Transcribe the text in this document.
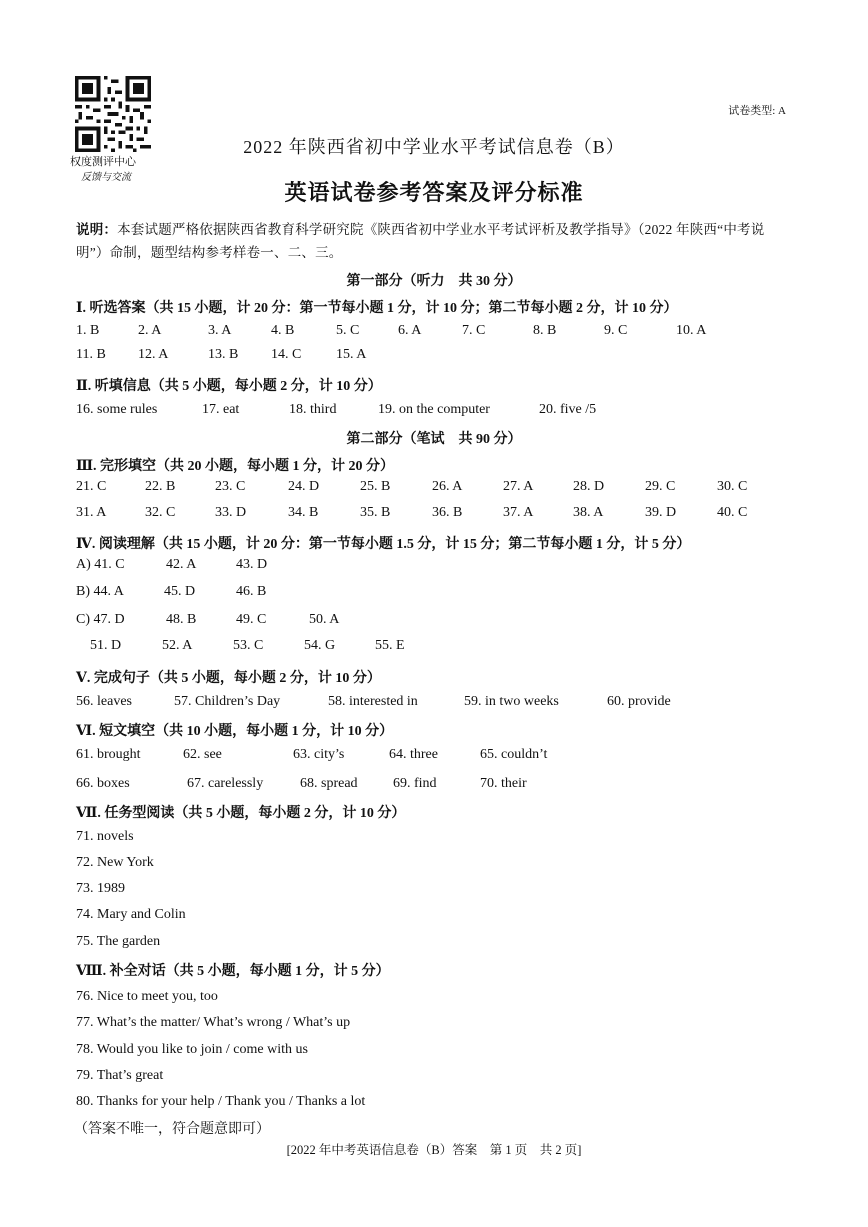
权度测评中心
反馈与交流
试卷类型: A
2022 年陕西省初中学业水平考试信息卷（B）
英语试卷参考答案及评分标准
说明：本套试题严格依据陕西省教育科学研究院《陕西省初中学业水平考试评析及教学指导》（2022 年陕西“中考说明”）命制，题型结构参考样卷一、二、三。
第一部分（听力　共 30 分）
Ⅰ. 听选答案（共 15 小题，计 20 分：第一节每小题 1 分，计 10 分；第二节每小题 2 分，计 10 分）
1. B	2. A	3. A	4. B	5. C	6. A	7. C	8. B	9. C	10. A
11. B 12. A	13. B 14. C 15. A
Ⅱ. 听填信息（共 5 小题，每小题 2 分，计 10 分）
16. some rules	17. eat	18. third	19. on the computer	20. five /5
第二部分（笔试　共 90 分）
Ⅲ. 完形填空（共 20 小题，每小题 1 分，计 20 分）
21. C	22. B	23. C	24. D	25. B	26. A	27. A	28. D	29. C	30. C
31. A	32. C	33. D	34. B	35. B	36. B	37. A	38. A	39. D	40. C
Ⅳ. 阅读理解（共 15 小题，计 20 分：第一节每小题 1.5 分，计 15 分；第二节每小题 1 分，计 5 分）
A) 41. C	42. A	43. D
B) 44. A	45. D	46. B
C) 47. D	48. B	49. C	50. A
51. D	52. A	53. C	54. G	55. E
Ⅴ. 完成句子（共 5 小题，每小题 2 分，计 10 分）
56. leaves	57. Children’s Day	58. interested in	59. in two weeks	60. provide
Ⅵ. 短文填空（共 10 小题，每小题 1 分，计 10 分）
61. brought	62. see	63. city’s	64. three	65. couldn’t
66. boxes	67. carelessly	68. spread	69. find	70. their
Ⅶ. 任务型阅读（共 5 小题，每小题 2 分，计 10 分）
71. novels
72. New York
73. 1989
74. Mary and Colin
75. The garden
Ⅷ. 补全对话（共 5 小题，每小题 1 分，计 5 分）
76. Nice to meet you, too
77. What’s the matter/ What’s wrong / What’s up
78. Would you like to join / come with us
79. That’s great
80. Thanks for your help / Thank you / Thanks a lot
（答案不唯一，符合题意即可）
[2022 年中考英语信息卷（B）答案　第 1 页　共 2 页]
